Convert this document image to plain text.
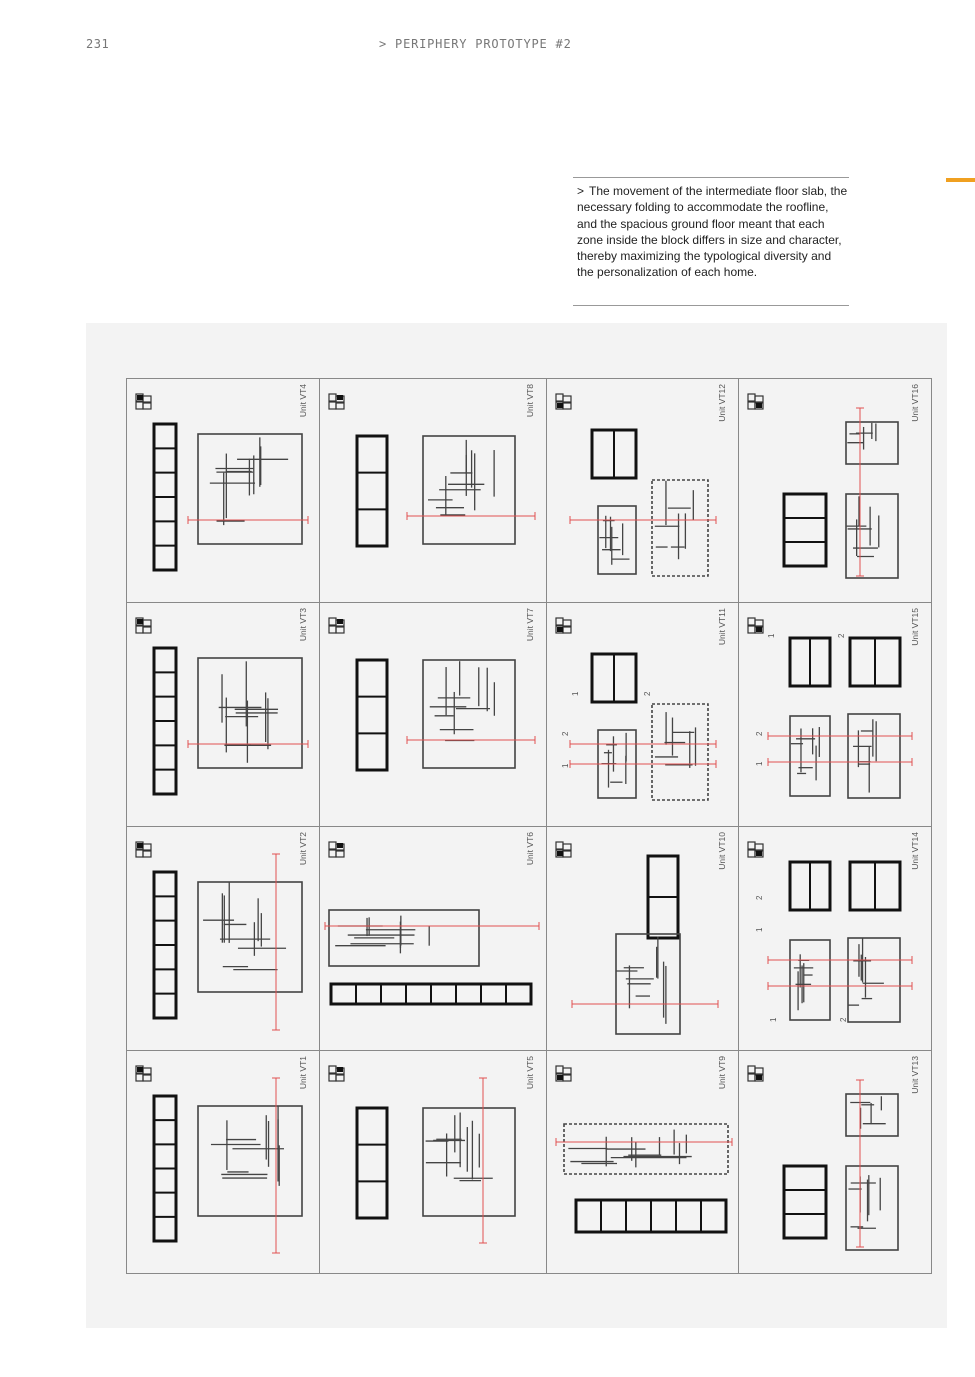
231	> PERIPHERY PROTOTYPE #2

> The movement of the intermediate floor slab, the necessary folding to accommodate the roofline, and the spacious ground floor meant that each zone inside the block differs in size and character, thereby maximizing the typological diversity and the personalization of each home.

1	2
2
1
1	2
2
1
2
1
1	2
Unit VT4	Unit VT8	Unit VT12	Unit VT16
Unit VT3	Unit VT7	Unit VT11	Unit VT15
Unit VT2	Unit VT6	Unit VT10	Unit VT14
Unit VT1	Unit VT5	Unit VT9	Unit VT13
